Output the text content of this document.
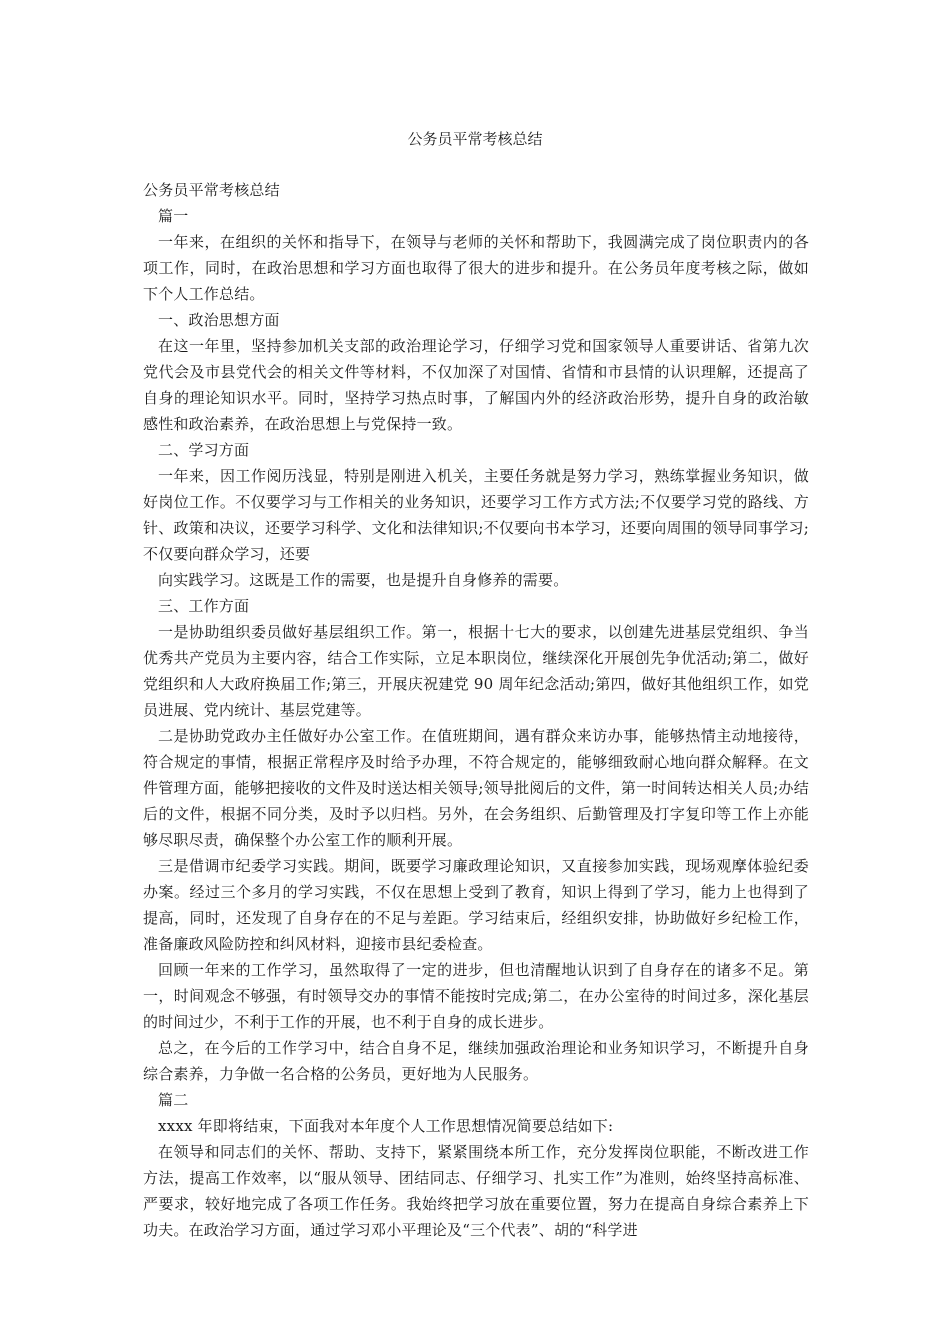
公务员平常考核总结

公务员平常考核总结

篇一

一年来，在组织的关怀和指导下，在领导与老师的关怀和帮助下，我圆满完成了岗位职责内的各项工作，同时，在政治思想和学习方面也取得了很大的进步和提升。在公务员年度考核之际，做如下个人工作总结。

一、政治思想方面

在这一年里，坚持参加机关支部的政治理论学习，仔细学习党和国家领导人重要讲话、省第九次党代会及市县党代会的相关文件等材料，不仅加深了对国情、省情和市县情的认识理解，还提高了自身的理论知识水平。同时，坚持学习热点时事，了解国内外的经济政治形势，提升自身的政治敏感性和政治素养，在政治思想上与党保持一致。

二、学习方面

一年来，因工作阅历浅显，特别是刚进入机关，主要任务就是努力学习，熟练掌握业务知识，做好岗位工作。不仅要学习与工作相关的业务知识，还要学习工作方式方法;不仅要学习党的路线、方针、政策和决议，还要学习科学、文化和法律知识;不仅要向书本学习，还要向周围的领导同事学习;不仅要向群众学习，还要

向实践学习。这既是工作的需要，也是提升自身修养的需要。

三、工作方面

一是协助组织委员做好基层组织工作。第一，根据十七大的要求，以创建先进基层党组织、争当优秀共产党员为主要内容，结合工作实际，立足本职岗位，继续深化开展创先争优活动;第二，做好党组织和人大政府换届工作;第三，开展庆祝建党 90 周年纪念活动;第四，做好其他组织工作，如党员进展、党内统计、基层党建等。

二是协助党政办主任做好办公室工作。在值班期间，遇有群众来访办事，能够热情主动地接待，符合规定的事情，根据正常程序及时给予办理，不符合规定的，能够细致耐心地向群众解释。在文件管理方面，能够把接收的文件及时送达相关领导;领导批阅后的文件，第一时间转达相关人员;办结后的文件，根据不同分类，及时予以归档。另外，在会务组织、后勤管理及打字复印等工作上亦能够尽职尽责，确保整个办公室工作的顺利开展。

三是借调市纪委学习实践。期间，既要学习廉政理论知识，又直接参加实践，现场观摩体验纪委办案。经过三个多月的学习实践，不仅在思想上受到了教育，知识上得到了学习，能力上也得到了提高，同时，还发现了自身存在的不足与差距。学习结束后，经组织安排，协助做好乡纪检工作，准备廉政风险防控和纠风材料，迎接市县纪委检查。

回顾一年来的工作学习，虽然取得了一定的进步，但也清醒地认识到了自身存在的诸多不足。第一，时间观念不够强，有时领导交办的事情不能按时完成;第二，在办公室待的时间过多，深化基层的时间过少，不利于工作的开展，也不利于自身的成长进步。

总之，在今后的工作学习中，结合自身不足，继续加强政治理论和业务知识学习，不断提升自身综合素养，力争做一名合格的公务员，更好地为人民服务。

篇二

xxxx 年即将结束，下面我对本年度个人工作思想情况简要总结如下:

在领导和同志们的关怀、帮助、支持下，紧紧围绕本所工作，充分发挥岗位职能，不断改进工作方法，提高工作效率，以“服从领导、团结同志、仔细学习、扎实工作”为准则，始终坚持高标准、严要求，较好地完成了各项工作任务。我始终把学习放在重要位置，努力在提高自身综合素养上下功夫。在政治学习方面，通过学习邓小平理论及“三个代表”、胡的“科学进
